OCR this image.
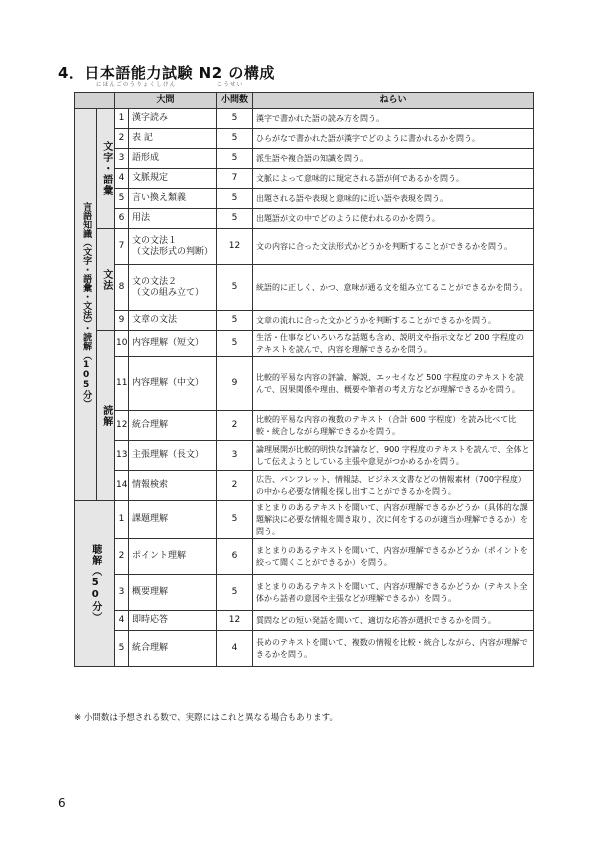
4．日本語能力試験 N2 の構成
にほんごのうりょくしけん　　　　　　こうせい
		大問		小問数	ねらい

言語知識（文字・語彙・文法）・読解
（105分）	文字・語彙	1	漢字読み	5	漢字で書かれた語の読み方を問う。
		2	表 記	5	ひらがなで書かれた語が漢字でどのように書かれるかを問う。
		3	語形成	5	派生語や複合語の知識を問う。
		4	文脈規定	7	文脈によって意味的に規定される語が何であるかを問う。
		5	言い換え類義	5	出題される語や表現と意味的に近い語や表現を問う。
		6	用法	5	出題語が文の中でどのように使われるのかを問う。

	文法	7	文の文法１
（文法形式の判断）	12	文の内容に合った文法形式かどうかを判断することができるかを問う。
		8	文の文法２
（文の組み立て）	5	統語的に正しく、かつ、意味が通る文を組み立てることができるかを問う。
		9	文章の文法	5	文章の流れに合った文かどうかを判断することができるかを問う。

	読解	10	内容理解（短文）	5	生活・仕事などいろいろな話題も含め、説明文や指示文など 200 字程度のテキストを読んで、内容を理解できるかを問う。
		11	内容理解（中文）	9	比較的平易な内容の評論、解説、エッセイなど 500 字程度のテキストを読んで、因果関係や理由、概要や筆者の考え方などが理解できるかを問う。
		12	統合理解	2	比較的平易な内容の複数のテキスト（合計 600 字程度）を読み比べて比較・統合しながら理解できるかを問う。
		13	主張理解（長文）	3	論理展開が比較的明快な評論など、900 字程度のテキストを読んで、全体として伝えようとしている主張や意見がつかめるかを問う。
		14	情報検索	2	広告、パンフレット、情報誌、ビジネス文書などの情報素材（700字程度）の中から必要な情報を探し出すことができるかを問う。

聴解
（50分）		1	課題理解	5	まとまりのあるテキストを聞いて、内容が理解できるかどうか（具体的な課題解決に必要な情報を聞き取り、次に何をするのが適当か理解できるか）を問う。
		2	ポイント理解	6	まとまりのあるテキストを聞いて、内容が理解できるかどうか（ポイントを絞って聞くことができるか）を問う。
		3	概要理解	5	まとまりのあるテキストを聞いて、内容が理解できるかどうか（テキスト全体から話者の意図や主張などが理解できるか）を問う。
		4	即時応答	12	質問などの短い発話を聞いて、適切な応答が選択できるかを問う。
		5	統合理解	4	長めのテキストを聞いて、複数の情報を比較・統合しながら、内容が理解できるかを問う。
※ 小問数は予想される数で、実際にはこれと異なる場合もあります。
6
